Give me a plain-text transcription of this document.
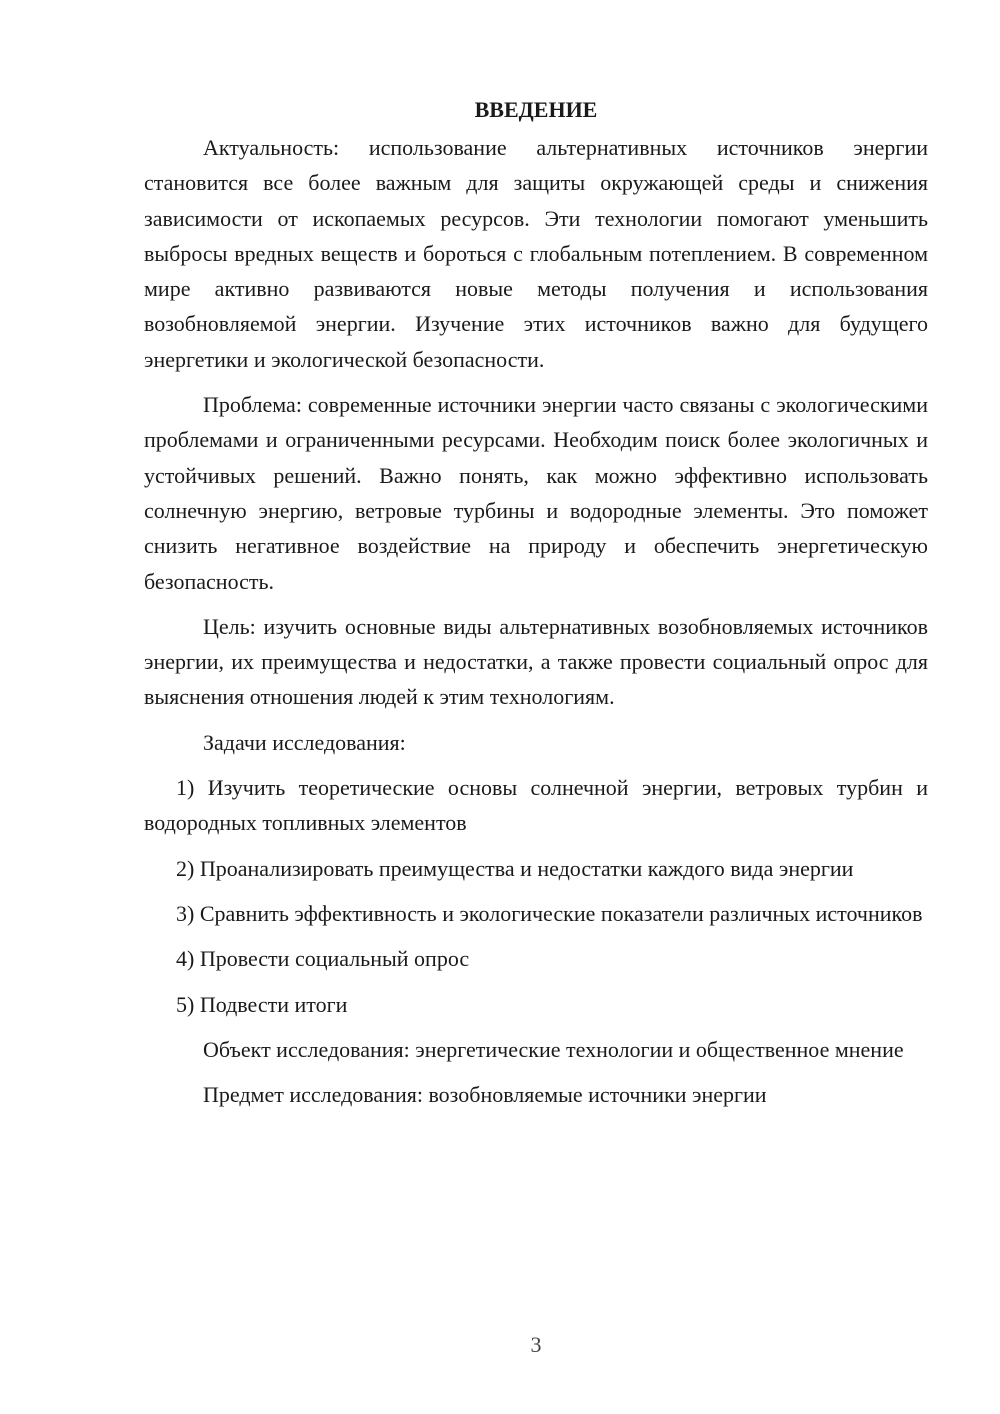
ВВЕДЕНИЕ

Актуальность: использование альтернативных источников энергии становится все более важным для защиты окружающей среды и снижения зависимости от ископаемых ресурсов. Эти технологии помогают уменьшить выбросы вредных веществ и бороться с глобальным потеплением. В современном мире активно развиваются новые методы получения и использования возобновляемой энергии. Изучение этих источников важно для будущего энергетики и экологической безопасности.

Проблема: современные источники энергии часто связаны с экологическими проблемами и ограниченными ресурсами. Необходим поиск более экологичных и устойчивых решений. Важно понять, как можно эффективно использовать солнечную энергию, ветровые турбины и водородные элементы. Это поможет снизить негативное воздействие на природу и обеспечить энергетическую безопасность.

Цель: изучить основные виды альтернативных возобновляемых источников энергии, их преимущества и недостатки, а также провести социальный опрос для выяснения отношения людей к этим технологиям.

Задачи исследования:

1) Изучить теоретические основы солнечной энергии, ветровых турбин и водородных топливных элементов

2) Проанализировать преимущества и недостатки каждого вида энергии

3) Сравнить эффективность и экологические показатели различных источников

4) Провести социальный опрос

5) Подвести итоги

Объект исследования: энергетические технологии и общественное мнение

Предмет исследования: возобновляемые источники энергии

3
